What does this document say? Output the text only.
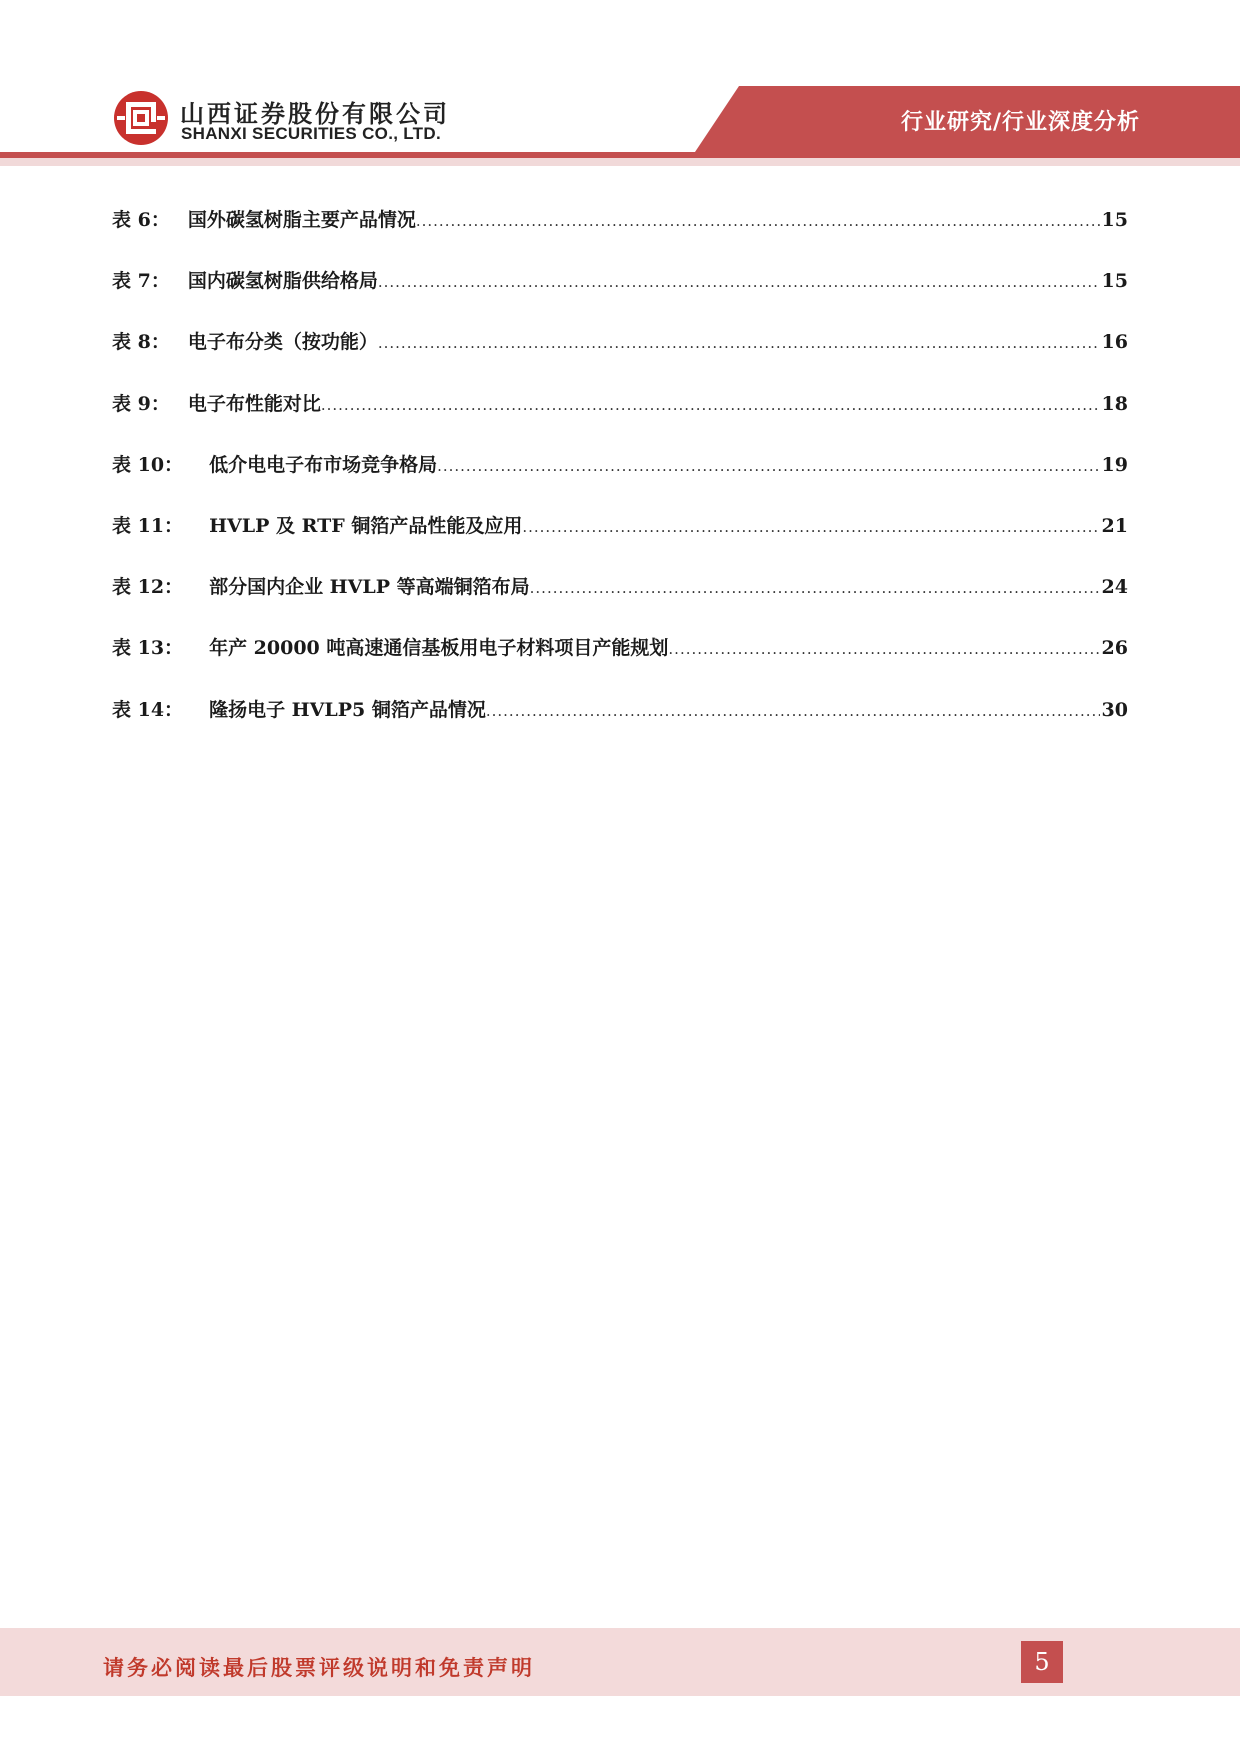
行业研究/行业深度分析
山西证券股份有限公司
SHANXI SECURITIES CO., LTD.
表 6： 国外碳氢树脂主要产品情况 .....	15
表 7： 国内碳氢树脂供给格局 .....	15
表 8： 电子布分类（按功能） .....	16
表 9： 电子布性能对比 .....	18
表 10： 低介电电子布市场竞争格局 .....	19
表 11： HVLP 及 RTF 铜箔产品性能及应用 .....	21
表 12： 部分国内企业 HVLP 等高端铜箔布局 .....	24
表 13： 年产 20000 吨高速通信基板用电子材料项目产能规划 .....	26
表 14： 隆扬电子 HVLP5 铜箔产品情况 .....	30
请务必阅读最后股票评级说明和免责声明	5
